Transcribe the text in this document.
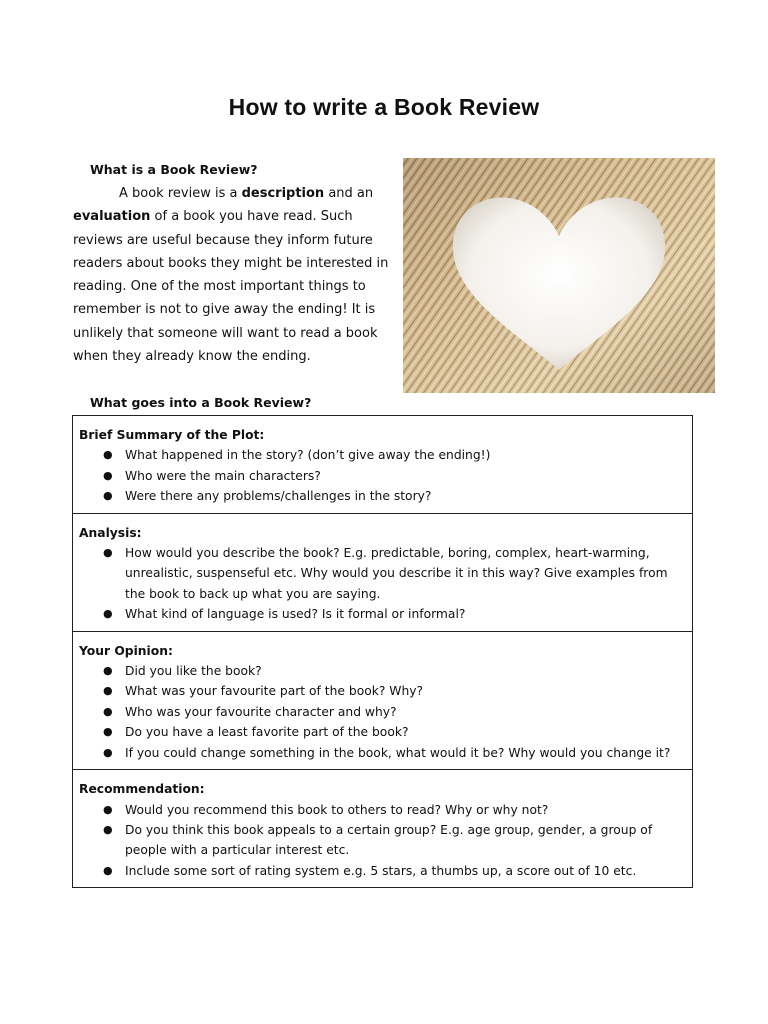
How to write a Book Review
What is a Book Review?
A book review is a description and an evaluation of a book you have read. Such reviews are useful because they inform future readers about books they might be interested in reading. One of the most important things to remember is not to give away the ending! It is unlikely that someone will want to read a book when they already know the ending.
What goes into a Book Review?

Brief Summary of the Plot:

● What happened in the story? (don’t give away the ending!)
● Who were the main characters?
● Were there any problems/challenges in the story?

Analysis:

● How would you describe the book? E.g. predictable, boring, complex, heart-warming, unrealistic, suspenseful etc. Why would you describe it in this way? Give examples from the book to back up what you are saying.
● What kind of language is used? Is it formal or informal?

Your Opinion:

● Did you like the book?
● What was your favourite part of the book? Why?
● Who was your favourite character and why?
● Do you have a least favorite part of the book?
● If you could change something in the book, what would it be? Why would you change it?

Recommendation:

● Would you recommend this book to others to read? Why or why not?
● Do you think this book appeals to a certain group? E.g. age group, gender, a group of people with a particular interest etc.
● Include some sort of rating system e.g. 5 stars, a thumbs up, a score out of 10 etc.
